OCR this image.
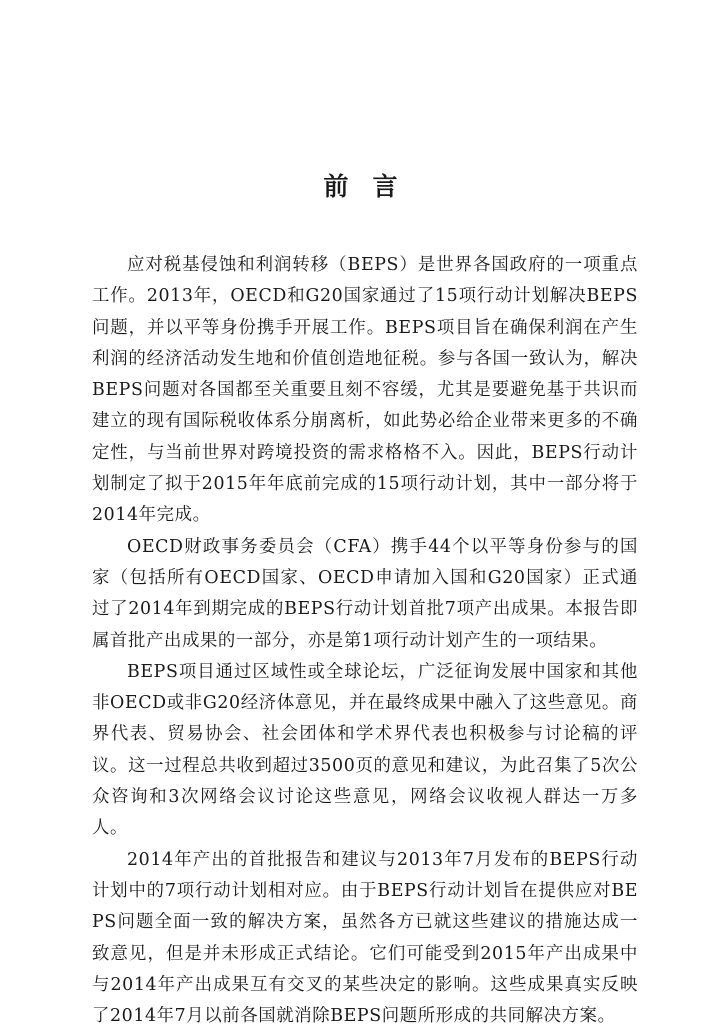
前言

应对税基侵蚀和利润转移（BEPS）是世界各国政府的一项重点工作。2013年，OECD和G20国家通过了15项行动计划解决BEPS问题，并以平等身份携手开展工作。BEPS项目旨在确保利润在产生利润的经济活动发生地和价值创造地征税。参与各国一致认为，解决BEPS问题对各国都至关重要且刻不容缓，尤其是要避免基于共识而建立的现有国际税收体系分崩离析，如此势必给企业带来更多的不确定性，与当前世界对跨境投资的需求格格不入。因此，BEPS行动计划制定了拟于2015年年底前完成的15项行动计划，其中一部分将于2014年完成。

OECD财政事务委员会（CFA）携手44个以平等身份参与的国家（包括所有OECD国家、OECD申请加入国和G20国家）正式通过了2014年到期完成的BEPS行动计划首批7项产出成果。本报告即属首批产出成果的一部分，亦是第1项行动计划产生的一项结果。

BEPS项目通过区域性或全球论坛，广泛征询发展中国家和其他非OECD或非G20经济体意见，并在最终成果中融入了这些意见。商界代表、贸易协会、社会团体和学术界代表也积极参与讨论稿的评议。这一过程总共收到超过3500页的意见和建议，为此召集了5次公众咨询和3次网络会议讨论这些意见，网络会议收视人群达一万多人。

2014年产出的首批报告和建议与2013年7月发布的BEPS行动计划中的7项行动计划相对应。由于BEPS行动计划旨在提供应对BEPS问题全面一致的解决方案，虽然各方已就这些建议的措施达成一致意见，但是并未形成正式结论。它们可能受到2015年产出成果中与2014年产出成果互有交叉的某些决定的影响。这些成果真实反映了2014年7月以前各国就消除BEPS问题所形成的共同解决方案。
